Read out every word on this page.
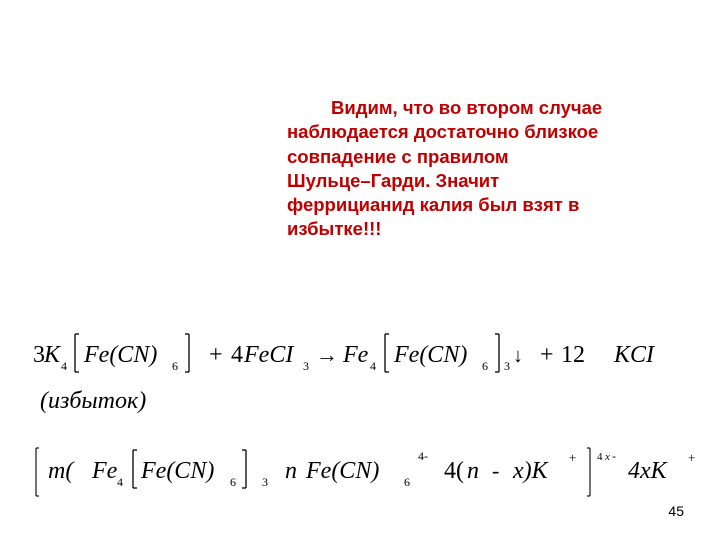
Видим, что во втором случае
наблюдается достаточно близкое
совпадение с правилом
Шульце–Гарди. Значит
феррицианид калия был взят в
избытке!!!
3 K 4 Fe(CN) 6 + 4 FeCI 3 → Fe 4 Fe(CN) 6 3 ↓ + 12 KCI
(избыток)
m( Fe 4 Fe(CN) 6 3 n Fe(CN) 6
4-
4( n - x)K
+ 4 x -
4xK
+
45
